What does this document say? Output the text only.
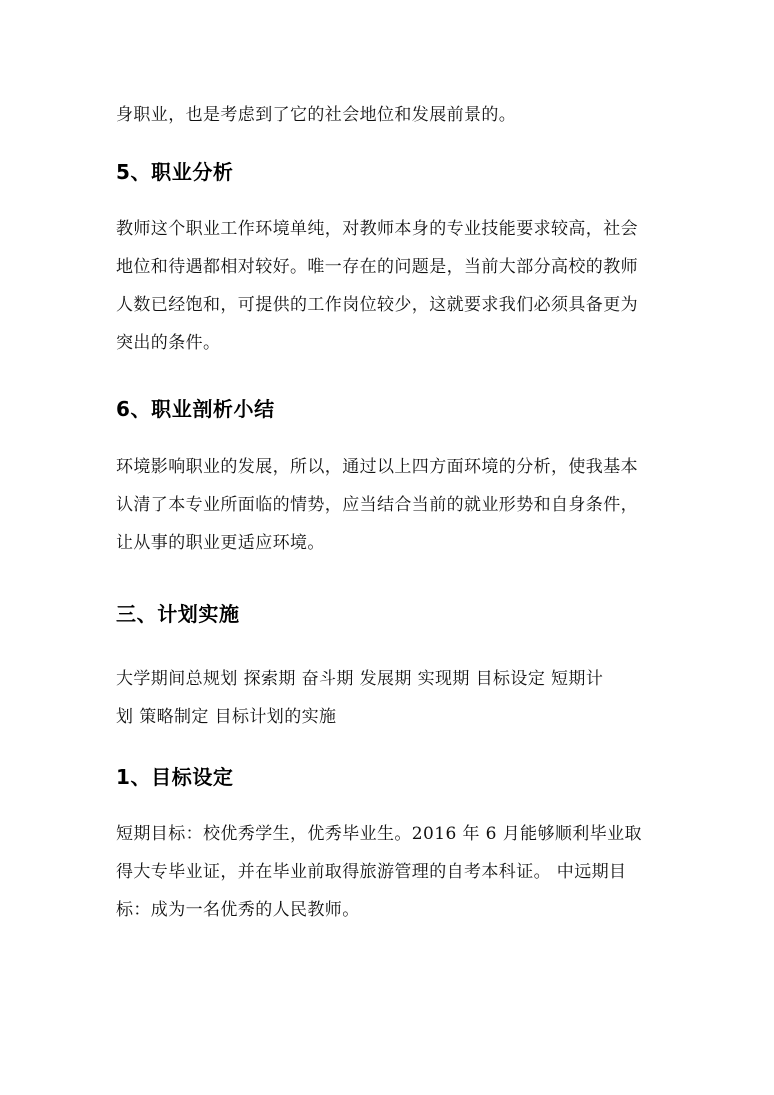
身职业，也是考虑到了它的社会地位和发展前景的。

5、职业分析

教师这个职业工作环境单纯，对教师本身的专业技能要求较高，社会
地位和待遇都相对较好。唯一存在的问题是，当前大部分高校的教师
人数已经饱和，可提供的工作岗位较少，这就要求我们必须具备更为
突出的条件。

6、职业剖析小结

环境影响职业的发展，所以，通过以上四方面环境的分析，使我基本
认清了本专业所面临的情势，应当结合当前的就业形势和自身条件，
让从事的职业更适应环境。

三、计划实施

大学期间总规划 探索期 奋斗期 发展期 实现期 目标设定 短期计
划 策略制定 目标计划的实施

1、目标设定

短期目标：校优秀学生，优秀毕业生。2016 年 6 月能够顺利毕业取
得大专毕业证，并在毕业前取得旅游管理的自考本科证。 中远期目
标：成为一名优秀的人民教师。
